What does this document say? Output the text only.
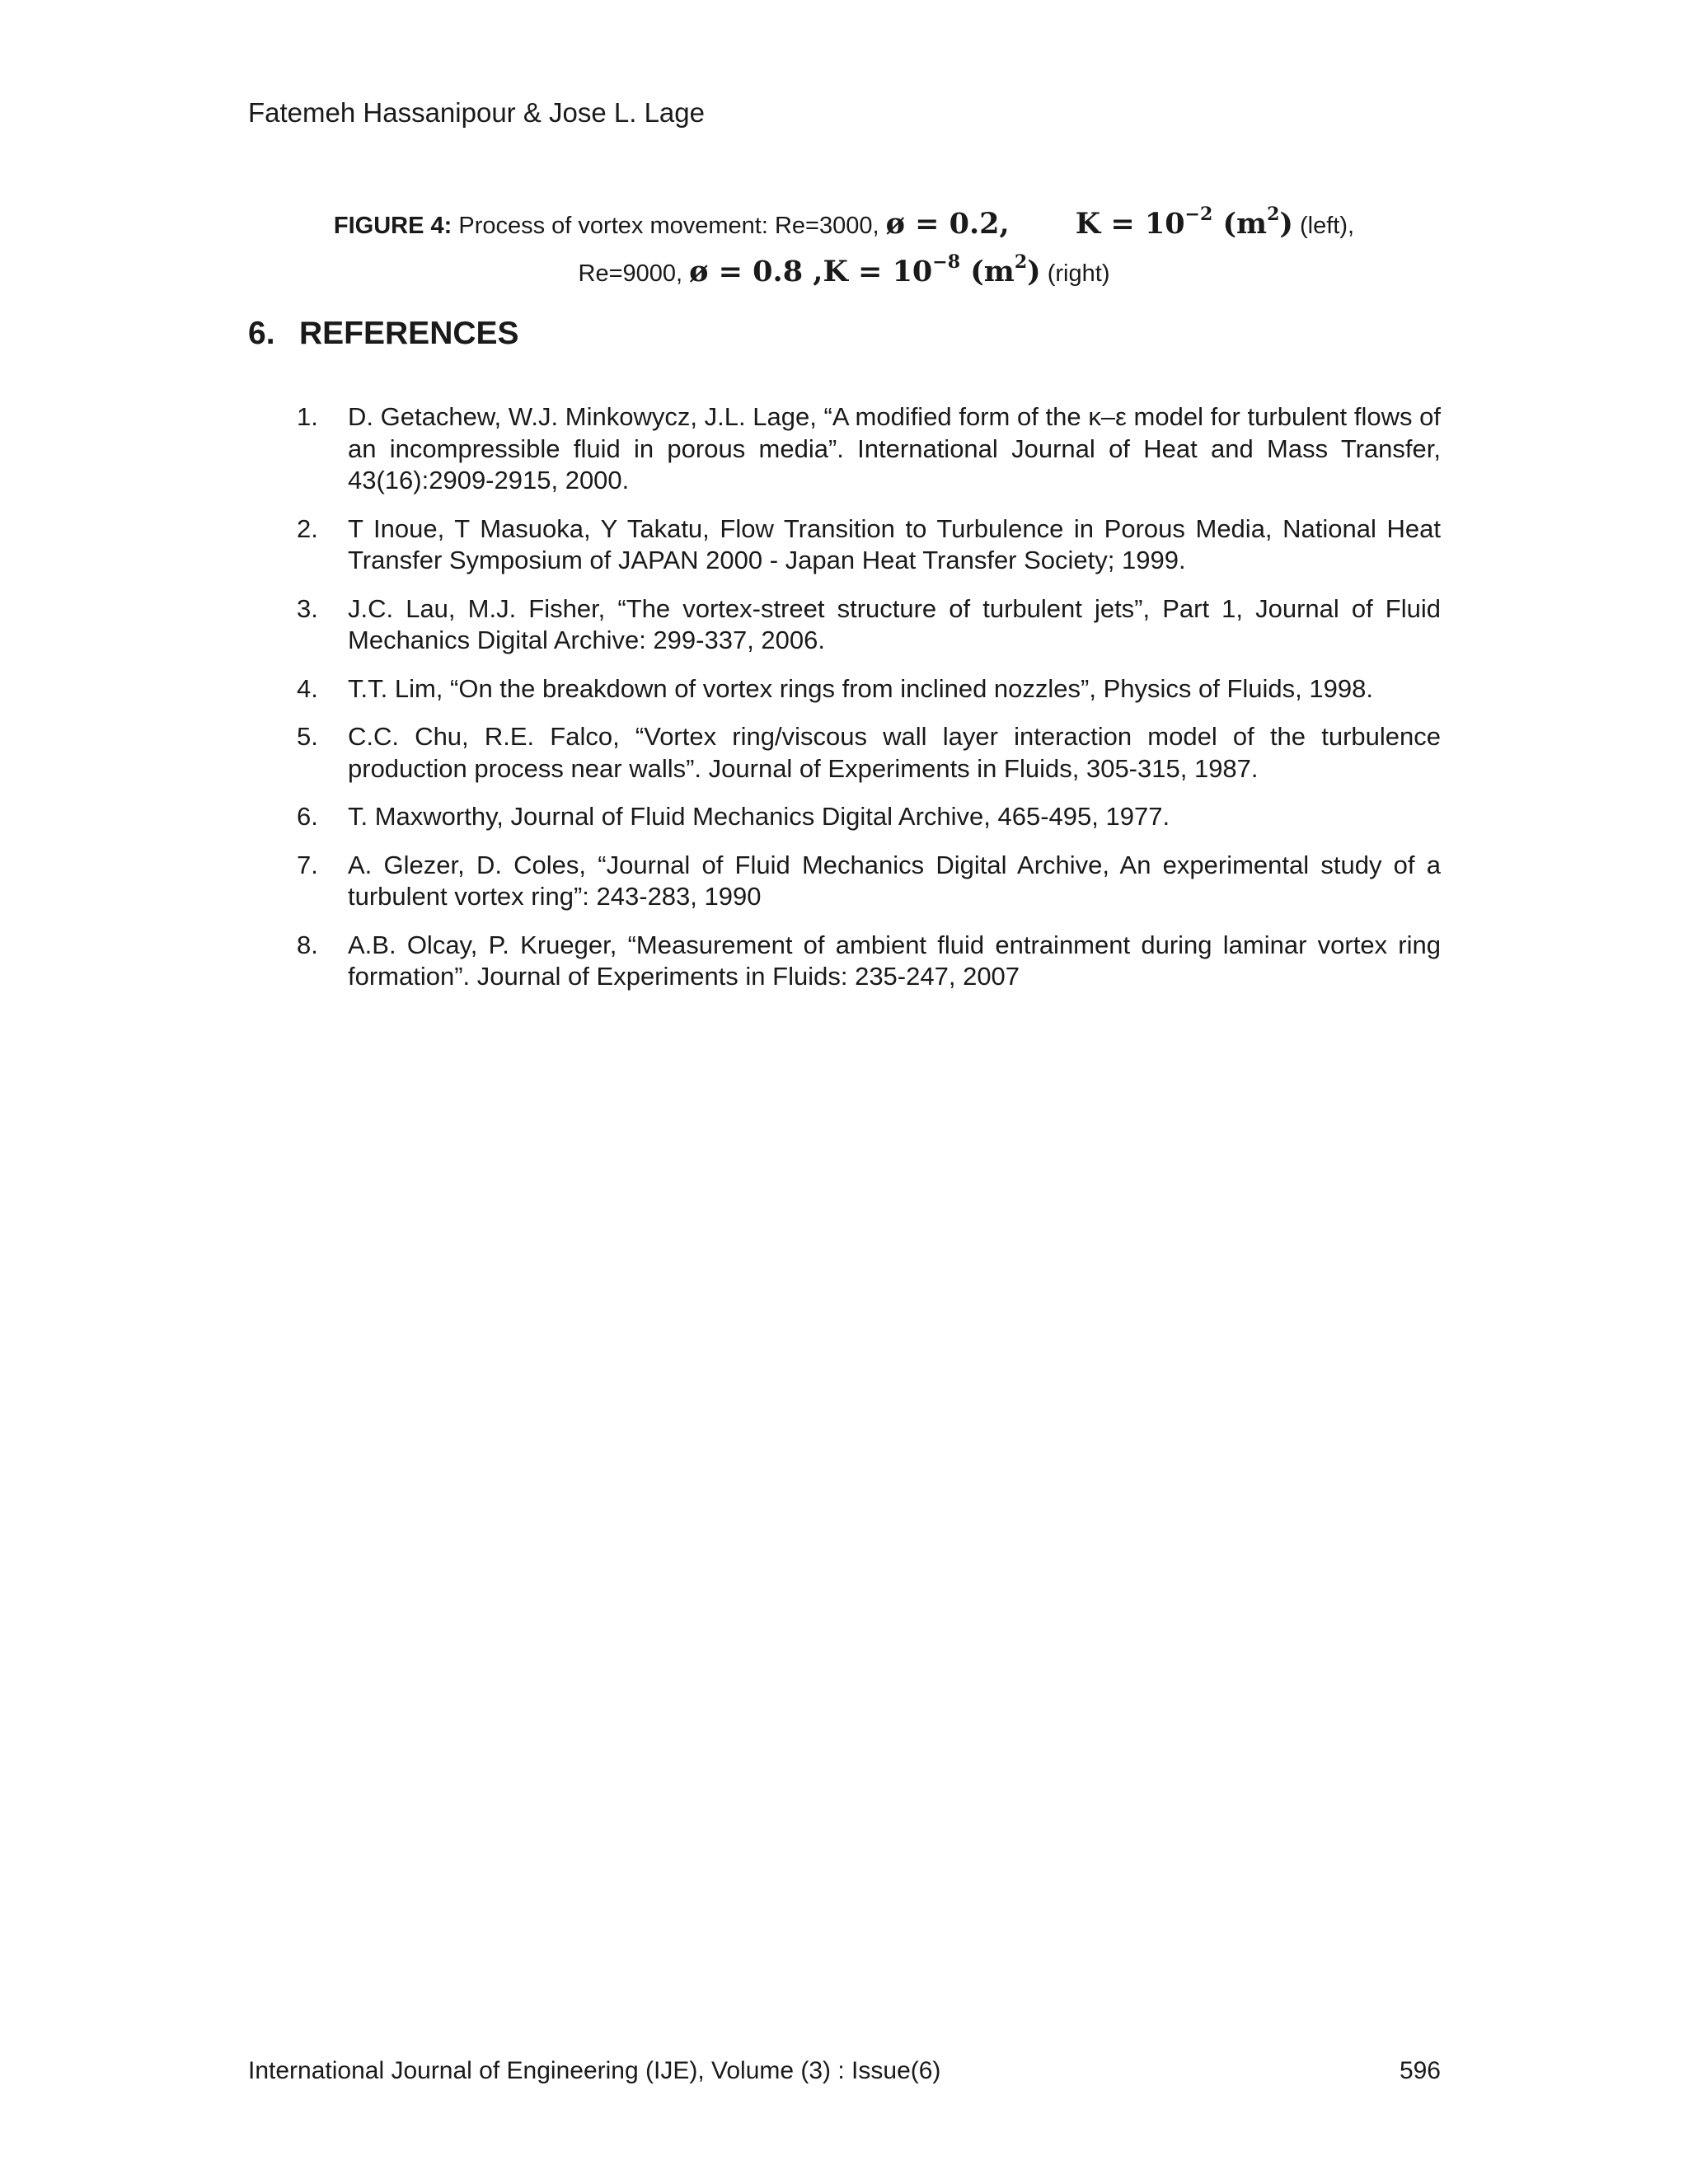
Fatemeh Hassanipour & Jose L. Lage
FIGURE 4: Process of vortex movement: Re=3000, ø = 0.2, $K = 10^{-2}$ $(m^2)$ (left),
Re=9000, ø = 0.8 $,K = 10^{-8}$ $(m^2)$ (right)
6. REFERENCES
1. D. Getachew, W.J. Minkowycz, J.L. Lage, “A modified form of the κ–ε model for turbulent flows of an incompressible fluid in porous media”. International Journal of Heat and Mass Transfer, 43(16):2909-2915, 2000.
2. T Inoue, T Masuoka, Y Takatu, Flow Transition to Turbulence in Porous Media, National Heat Transfer Symposium of JAPAN 2000 - Japan Heat Transfer Society; 1999.
3. J.C. Lau, M.J. Fisher, “The vortex-street structure of turbulent jets”, Part 1, Journal of Fluid Mechanics Digital Archive: 299-337, 2006.
4. T.T. Lim, “On the breakdown of vortex rings from inclined nozzles”, Physics of Fluids, 1998.
5. C.C. Chu, R.E. Falco, “Vortex ring/viscous wall layer interaction model of the turbulence production process near walls”. Journal of Experiments in Fluids, 305-315, 1987.
6. T. Maxworthy, Journal of Fluid Mechanics Digital Archive, 465-495, 1977.
7. A. Glezer, D. Coles, “Journal of Fluid Mechanics Digital Archive, An experimental study of a turbulent vortex ring”: 243-283, 1990
8. A.B. Olcay, P. Krueger, “Measurement of ambient fluid entrainment during laminar vortex ring formation”. Journal of Experiments in Fluids: 235-247, 2007
International Journal of Engineering (IJE), Volume (3) : Issue(6)	596
